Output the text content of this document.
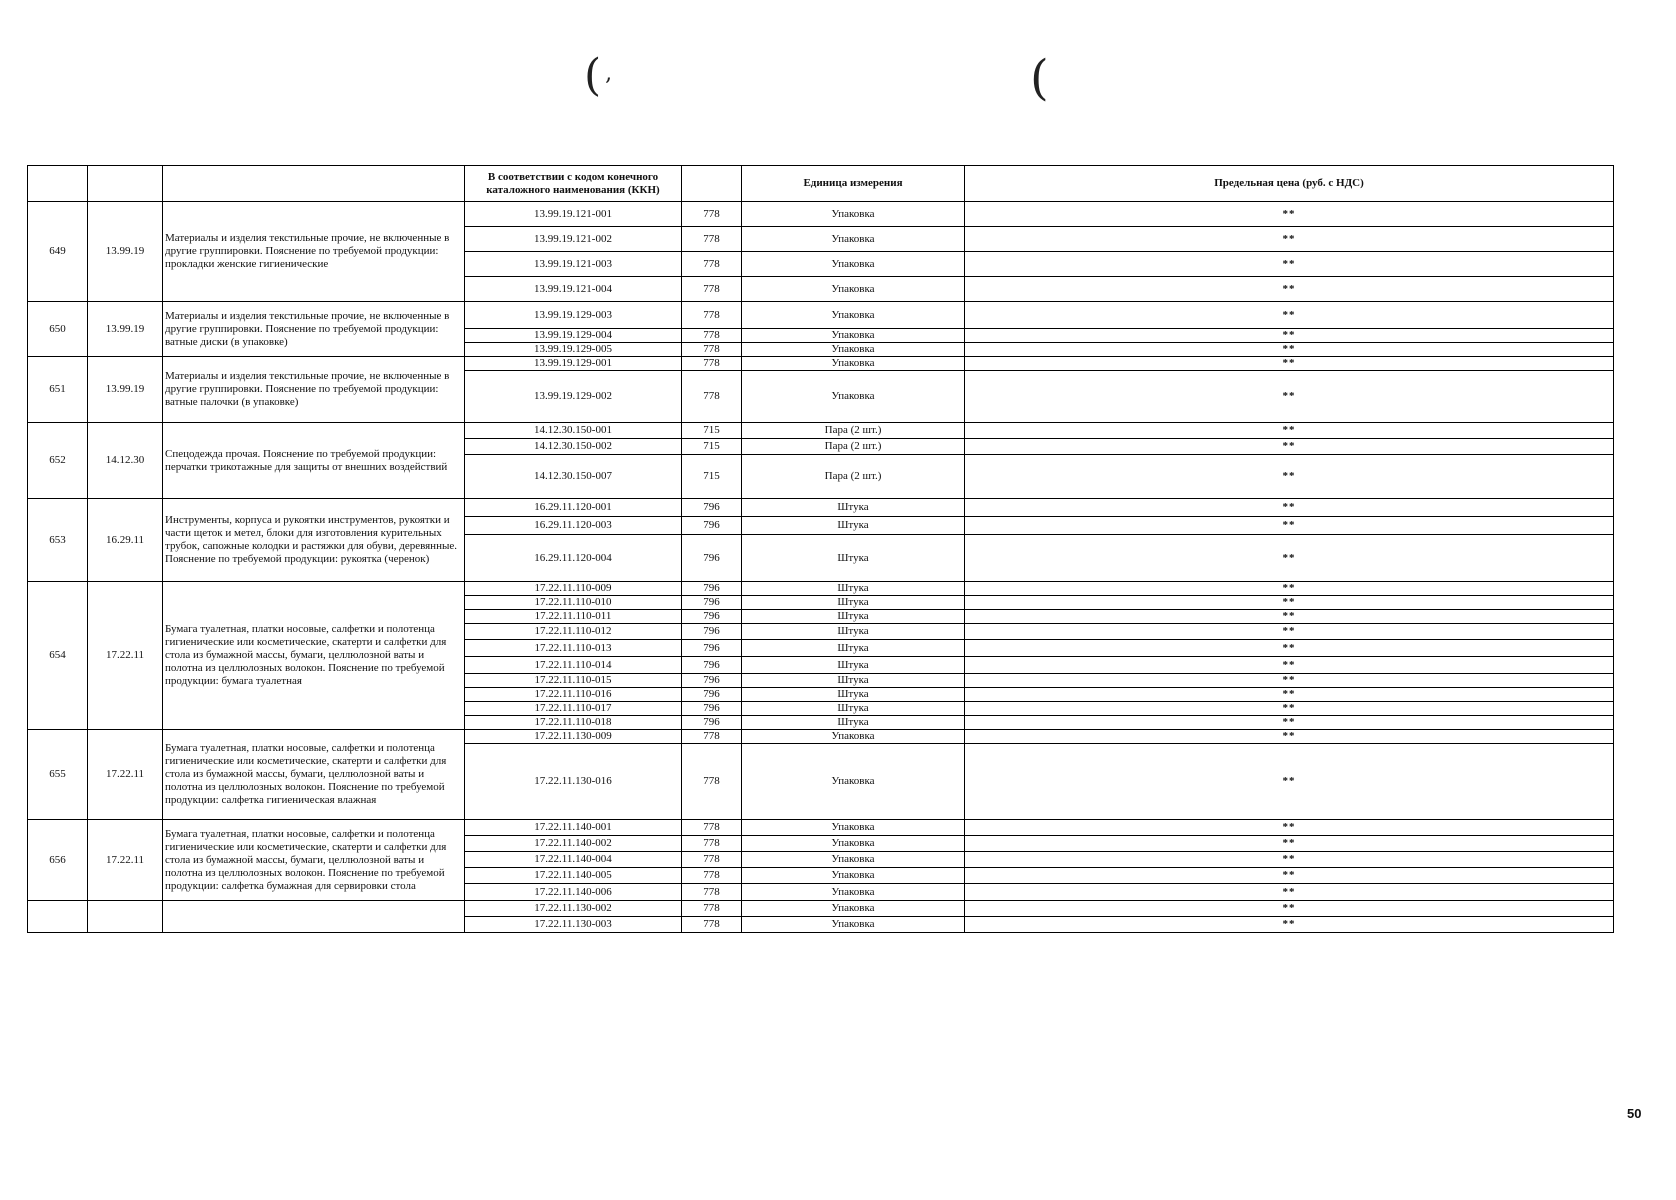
( ,	(
			В соответствии с кодом конечного каталожного наименования (ККН)		Единица измерения	Предельная цена (руб. с НДС)
649	13.99.19	Материалы и изделия текстильные прочие, не включенные в другие группировки. Пояснение по требуемой продукции: прокладки женские гигиенические	13.99.19.121-001	778	Упаковка	**
			13.99.19.121-002	778	Упаковка	**
			13.99.19.121-003	778	Упаковка	**
			13.99.19.121-004	778	Упаковка	**
650	13.99.19	Материалы и изделия текстильные прочие, не включенные в другие группировки. Пояснение по требуемой продукции: ватные диски (в упаковке)	13.99.19.129-003	778	Упаковка	**
			13.99.19.129-004	778	Упаковка	**
			13.99.19.129-005	778	Упаковка	**
651	13.99.19	Материалы и изделия текстильные прочие, не включенные в другие группировки. Пояснение по требуемой продукции: ватные палочки (в упаковке)	13.99.19.129-001	778	Упаковка	**
			13.99.19.129-002	778	Упаковка	**
652	14.12.30	Спецодежда прочая. Пояснение по требуемой продукции: перчатки трикотажные для защиты от внешних воздействий	14.12.30.150-001	715	Пара (2 шт.)	**
			14.12.30.150-002	715	Пара (2 шт.)	**
			14.12.30.150-007	715	Пара (2 шт.)	**
653	16.29.11	Инструменты, корпуса и рукоятки инструментов, рукоятки и части щеток и метел, блоки для изготовления курительных трубок, сапожные колодки и растяжки для обуви, деревянные. Пояснение по требуемой продукции: рукоятка (черенок)	16.29.11.120-001	796	Штука	**
			16.29.11.120-003	796	Штука	**
			16.29.11.120-004	796	Штука	**
654	17.22.11	Бумага туалетная, платки носовые, салфетки и полотенца гигиенические или косметические, скатерти и салфетки для стола из бумажной массы, бумаги, целлюлозной ваты и полотна из целлюлозных волокон. Пояснение по требуемой продукции: бумага туалетная	17.22.11.110-009	796	Штука	**
			17.22.11.110-010	796	Штука	**
			17.22.11.110-011	796	Штука	**
			17.22.11.110-012	796	Штука	**
			17.22.11.110-013	796	Штука	**
			17.22.11.110-014	796	Штука	**
			17.22.11.110-015	796	Штука	**
			17.22.11.110-016	796	Штука	**
			17.22.11.110-017	796	Штука	**
			17.22.11.110-018	796	Штука	**
655	17.22.11	Бумага туалетная, платки носовые, салфетки и полотенца гигиенические или косметические, скатерти и салфетки для стола из бумажной массы, бумаги, целлюлозной ваты и полотна из целлюлозных волокон. Пояснение по требуемой продукции: салфетка гигиеническая влажная	17.22.11.130-009	778	Упаковка	**
			17.22.11.130-016	778	Упаковка	**
656	17.22.11	Бумага туалетная, платки носовые, салфетки и полотенца гигиенические или косметические, скатерти и салфетки для стола из бумажной массы, бумаги, целлюлозной ваты и полотна из целлюлозных волокон. Пояснение по требуемой продукции: салфетка бумажная для сервировки стола	17.22.11.140-001	778	Упаковка	**
			17.22.11.140-002	778	Упаковка	**
			17.22.11.140-004	778	Упаковка	**
			17.22.11.140-005	778	Упаковка	**
			17.22.11.140-006	778	Упаковка	**
			17.22.11.130-002	778	Упаковка	**
			17.22.11.130-003	778	Упаковка	**
50
